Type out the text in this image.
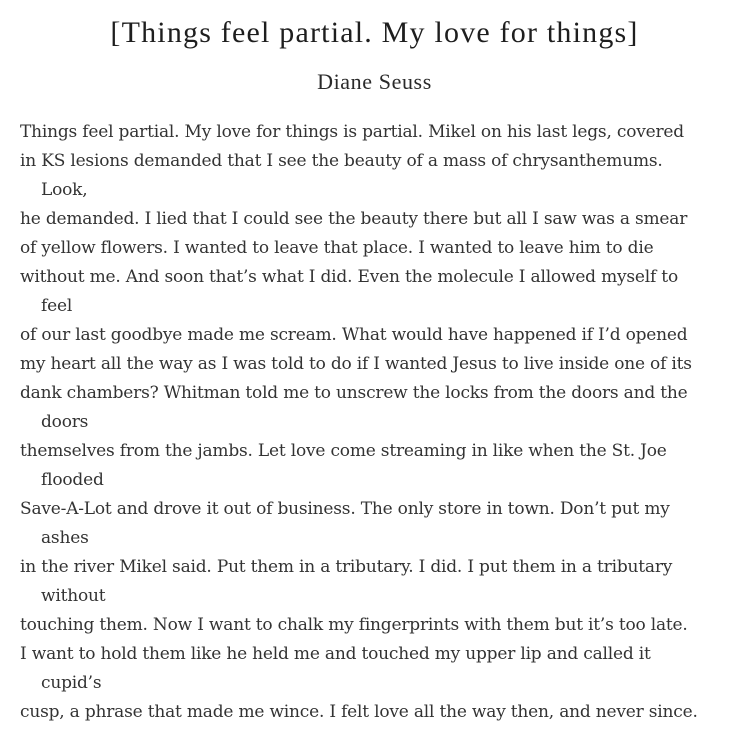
[Things feel partial. My love for things]
Diane Seuss
Things feel partial. My love for things is partial. Mikel on his last legs, covered
in KS lesions demanded that I see the beauty of a mass of chrysanthemums.
Look,
he demanded. I lied that I could see the beauty there but all I saw was a smear
of yellow flowers. I wanted to leave that place. I wanted to leave him to die
without me. And soon that’s what I did. Even the molecule I allowed myself to
feel
of our last goodbye made me scream. What would have happened if I’d opened
my heart all the way as I was told to do if I wanted Jesus to live inside one of its
dank chambers? Whitman told me to unscrew the locks from the doors and the
doors
themselves from the jambs. Let love come streaming in like when the St. Joe
flooded
Save-A-Lot and drove it out of business. The only store in town. Don’t put my
ashes
in the river Mikel said. Put them in a tributary. I did. I put them in a tributary
without
touching them. Now I want to chalk my fingerprints with them but it’s too late.
I want to hold them like he held me and touched my upper lip and called it
cupid’s
cusp, a phrase that made me wince. I felt love all the way then, and never since.
